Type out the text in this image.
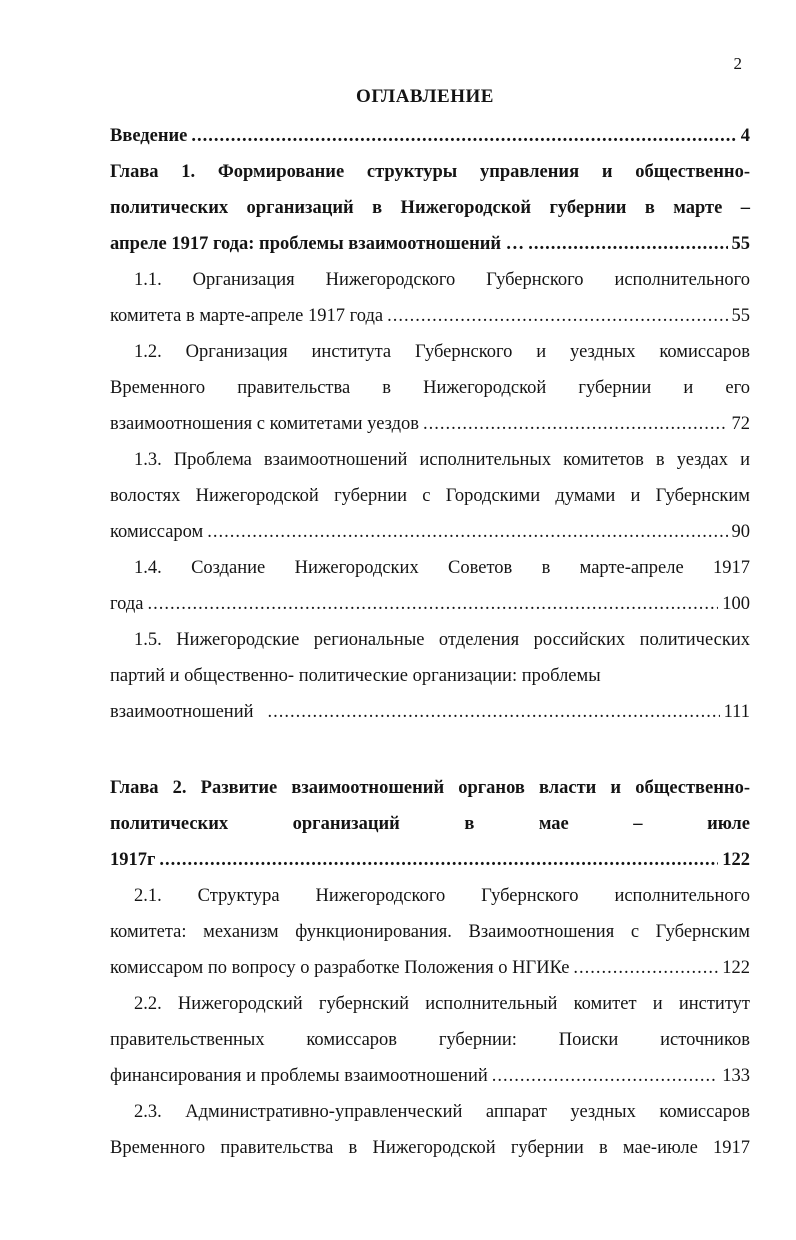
2
ОГЛАВЛЕНИЕ
Введение .....	4
Глава 1. Формирование структуры управления и общественно-
политических организаций в Нижегородской губернии в марте –
апреле 1917 года: проблемы взаимоотношений … .....	55
1.1. Организация Нижегородского Губернского исполнительного
комитета в марте-апреле 1917 года .....	55
1.2. Организация института Губернского и уездных комиссаров
Временного правительства в Нижегородской губернии и его
взаимоотношения с комитетами уездов .....	72
1.3. Проблема взаимоотношений исполнительных комитетов в уездах и
волостях Нижегородской губернии с Городскими думами и Губернским
комиссаром .....	90
1.4. Создание Нижегородских Советов в марте-апреле 1917
года .....	100
1.5. Нижегородские региональные отделения российских политических
партий и общественно- политические организации: проблемы
взаимоотношений .....	111
Глава 2. Развитие взаимоотношений органов власти и общественно-
политических организаций в мае – июле
1917г .....	122
2.1. Структура Нижегородского Губернского исполнительного
комитета: механизм функционирования. Взаимоотношения с Губернским
комиссаром по вопросу о разработке Положения о НГИКе .....	122
2.2. Нижегородский губернский исполнительный комитет и институт
правительственных комиссаров губернии: Поиски источников
финансирования и проблемы взаимоотношений .....	133
2.3. Административно-управленческий аппарат уездных комиссаров
Временного правительства в Нижегородской губернии в мае-июле 1917
